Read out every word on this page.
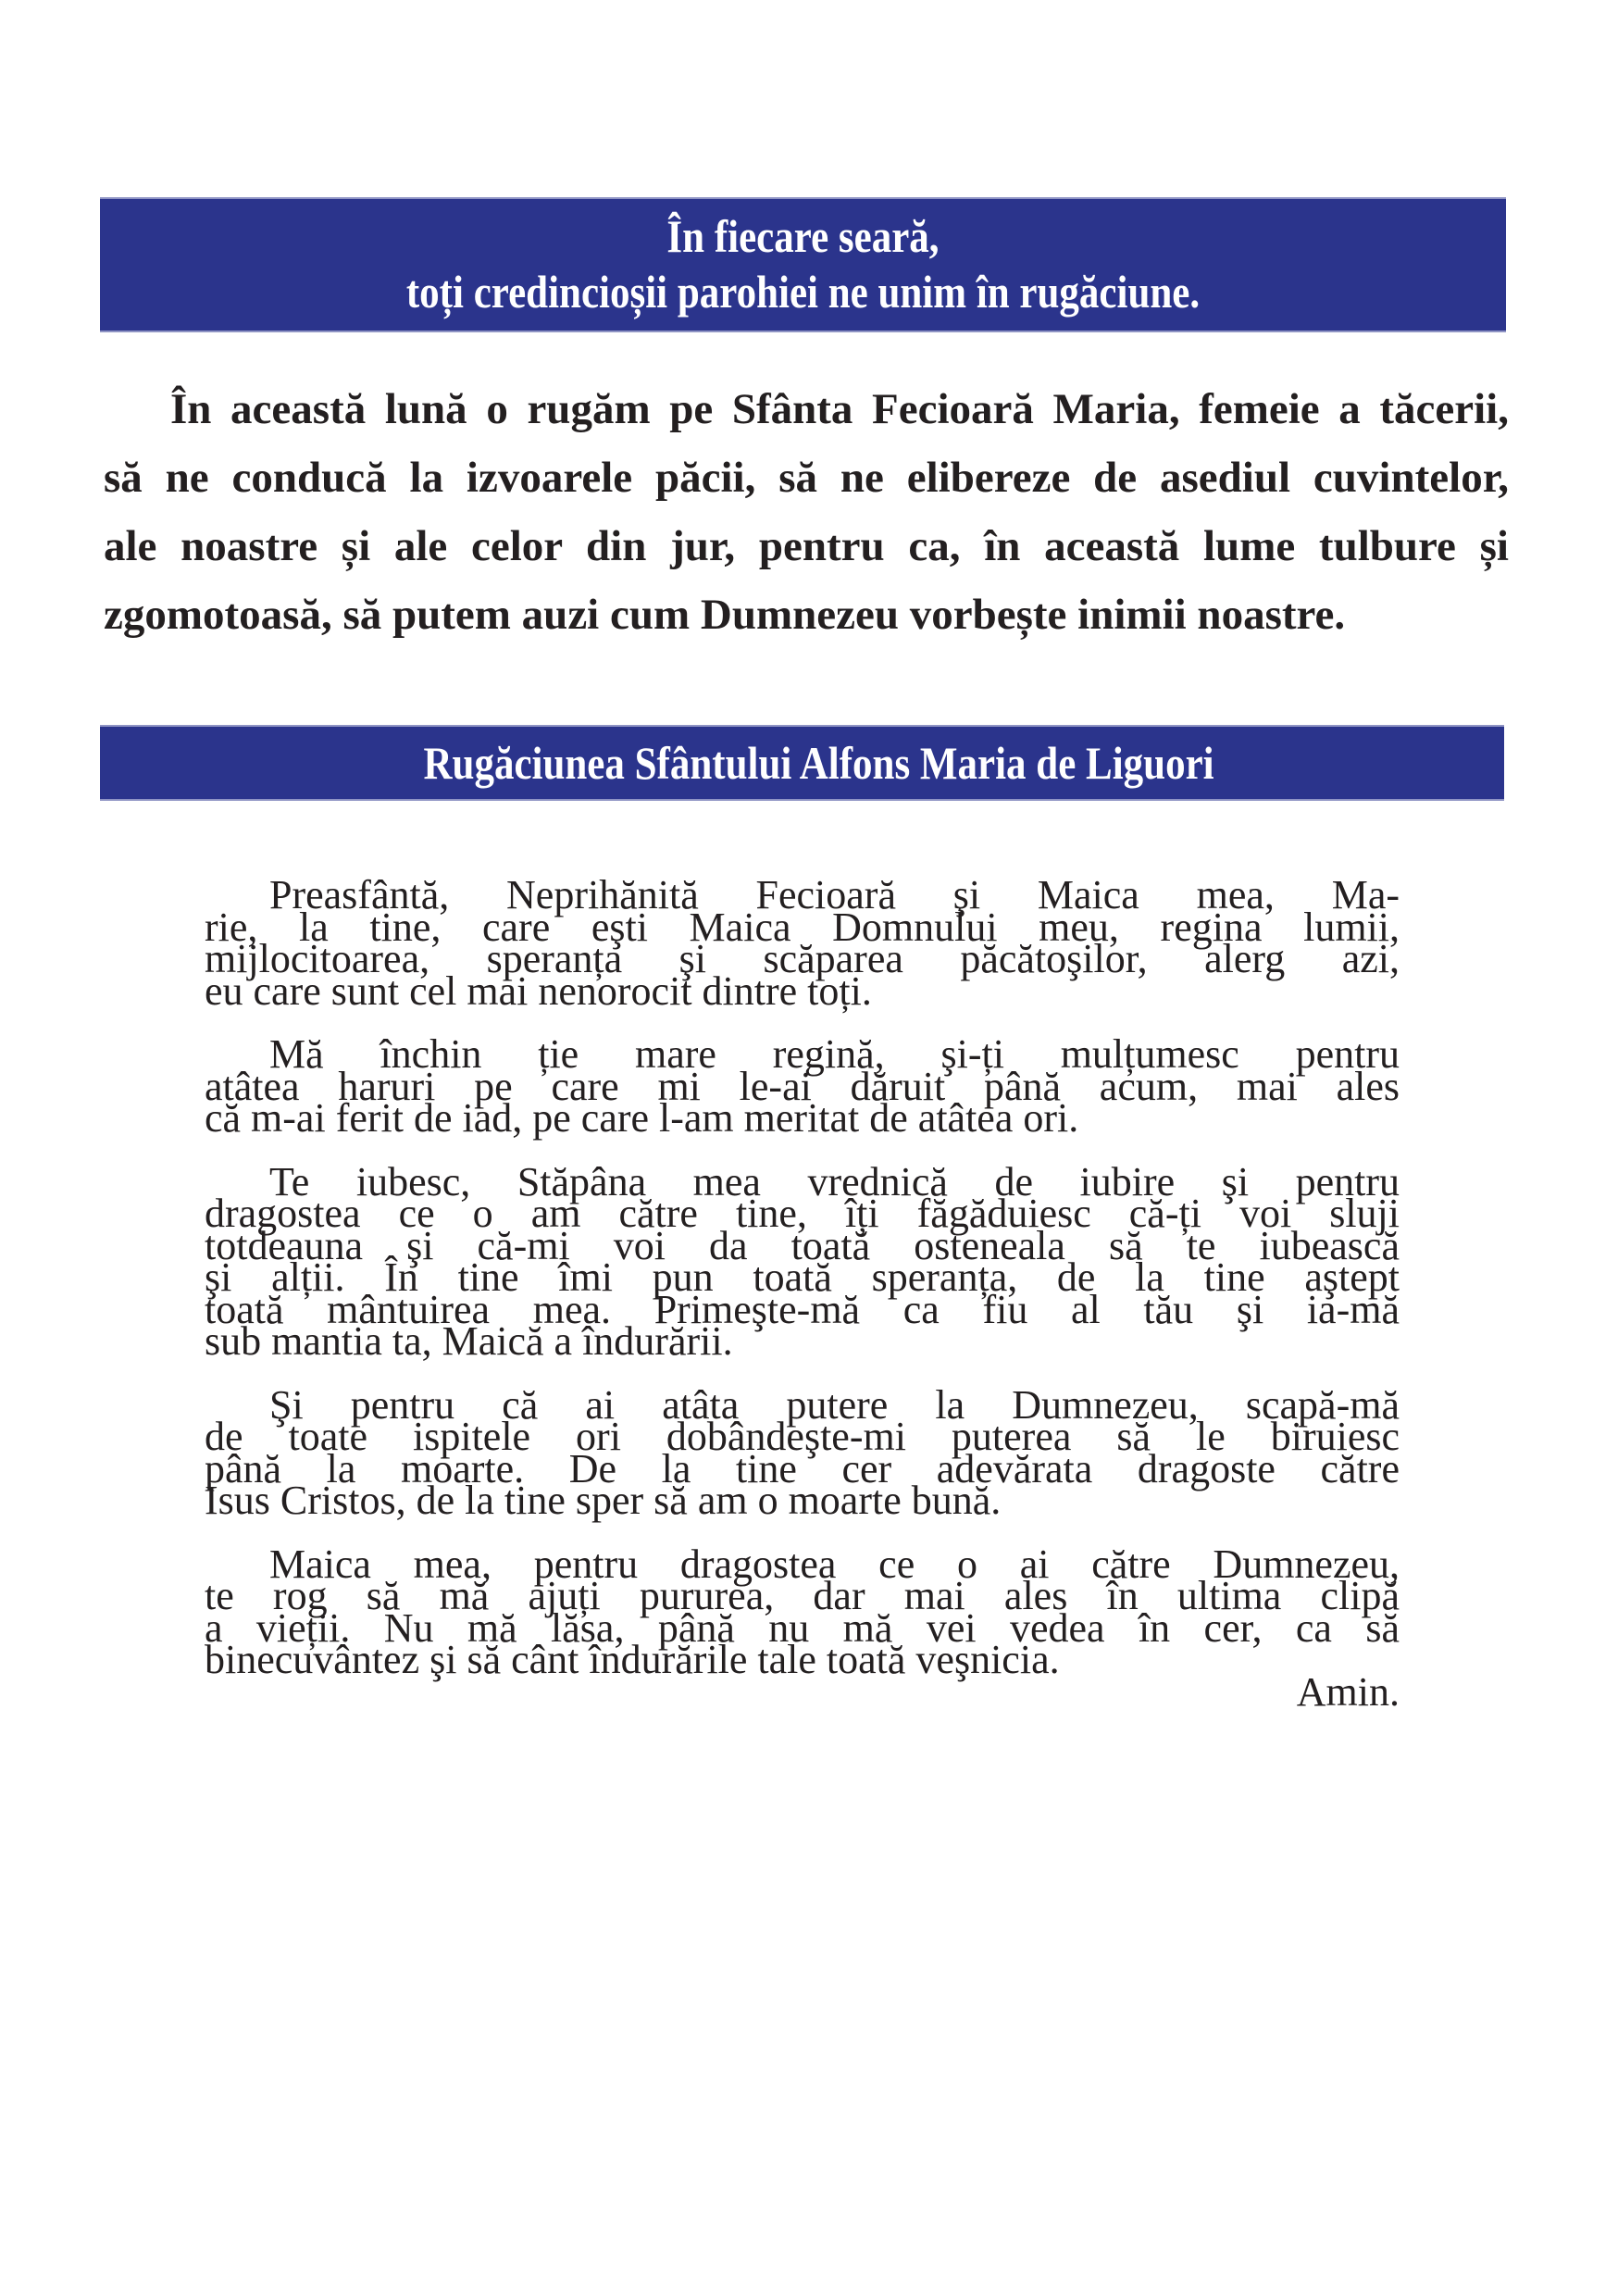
În fiecare seară,
toți credincioșii parohiei ne unim în rugăciune.
În această lună o rugăm pe Sfânta Fecioară Maria, femeie a tăcerii,
să ne conducă la izvoarele păcii, să ne elibereze de asediul cuvintelor,
ale noastre și ale celor din jur, pentru ca, în această lume tulbure și
zgomotoasă, să putem auzi cum Dumnezeu vorbește inimii noastre.
Rugăciunea Sfântului Alfons Maria de Liguori
Preasfântă, Neprihănită Fecioară şi Maica mea, Ma-
rie, la tine, care eşti Maica Domnului meu, regina lumii,
mijlocitoarea, speranța şi scăparea păcătoşilor, alerg azi,
eu care sunt cel mai nenorocit dintre toți.
Mă închin ție mare regină, şi-ți mulțumesc pentru
atâtea haruri pe care mi le-ai dăruit până acum, mai ales
că m-ai ferit de iad, pe care l-am meritat de atâtea ori.
Te iubesc, Stăpâna mea vrednică de iubire şi pentru
dragostea ce o am către tine, îți făgăduiesc că-ți voi sluji
totdeauna şi că-mi voi da toată osteneala să te iubească
şi alții. În tine îmi pun toată speranța, de la tine aştept
toată mântuirea mea. Primeşte-mă ca fiu al tău şi ia-mă
sub mantia ta, Maică a îndurării.
Şi pentru că ai atâta putere la Dumnezeu, scapă-mă
de toate ispitele ori dobândeşte-mi puterea să le biruiesc
până la moarte. De la tine cer adevărata dragoste către
Isus Cristos, de la tine sper să am o moarte bună.
Maica mea, pentru dragostea ce o ai către Dumnezeu,
te rog să mă ajuți pururea, dar mai ales în ultima clipă
a vieții. Nu mă lăsa, până nu mă vei vedea în cer, ca să
binecuvântez şi să cânt îndurările tale toată veşnicia.
Amin.
